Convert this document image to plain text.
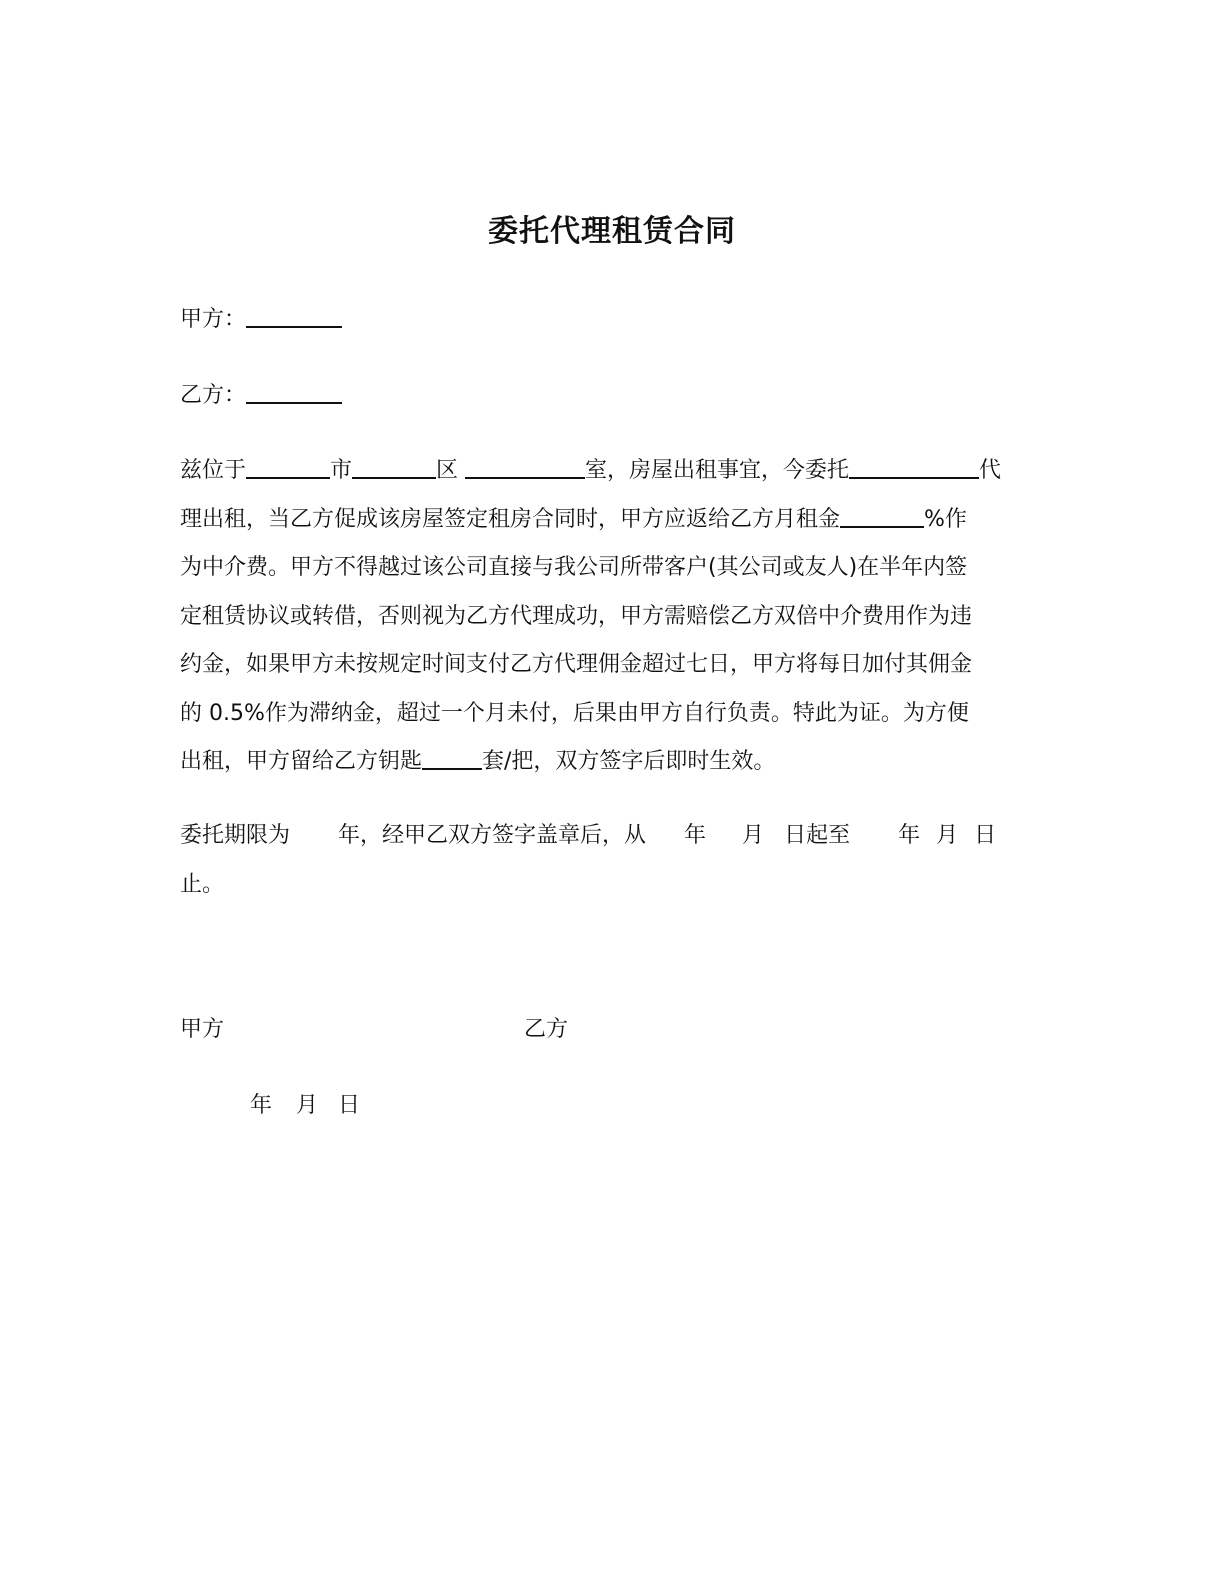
委托代理租赁合同
甲方：
乙方：
兹位于	市	区	室，房屋出租事宜，今委托	代
理出租，当乙方促成该房屋签定租房合同时，甲方应返给乙方月租金	%作
为中介费。甲方不得越过该公司直接与我公司所带客户(其公司或友人)在半年内签
定租赁协议或转借，否则视为乙方代理成功，甲方需赔偿乙方双倍中介费用作为违
约金，如果甲方未按规定时间支付乙方代理佣金超过七日，甲方将每日加付其佣金
的 0.5%作为滞纳金，超过一个月未付，后果由甲方自行负责。特此为证。为方便
出租，甲方留给乙方钥匙	套/把，双方签字后即时生效。
委托期限为 年，经甲乙双方签字盖章后，从 年 月 日起至 年 月 日
止。
甲方	乙方
年 月 日
